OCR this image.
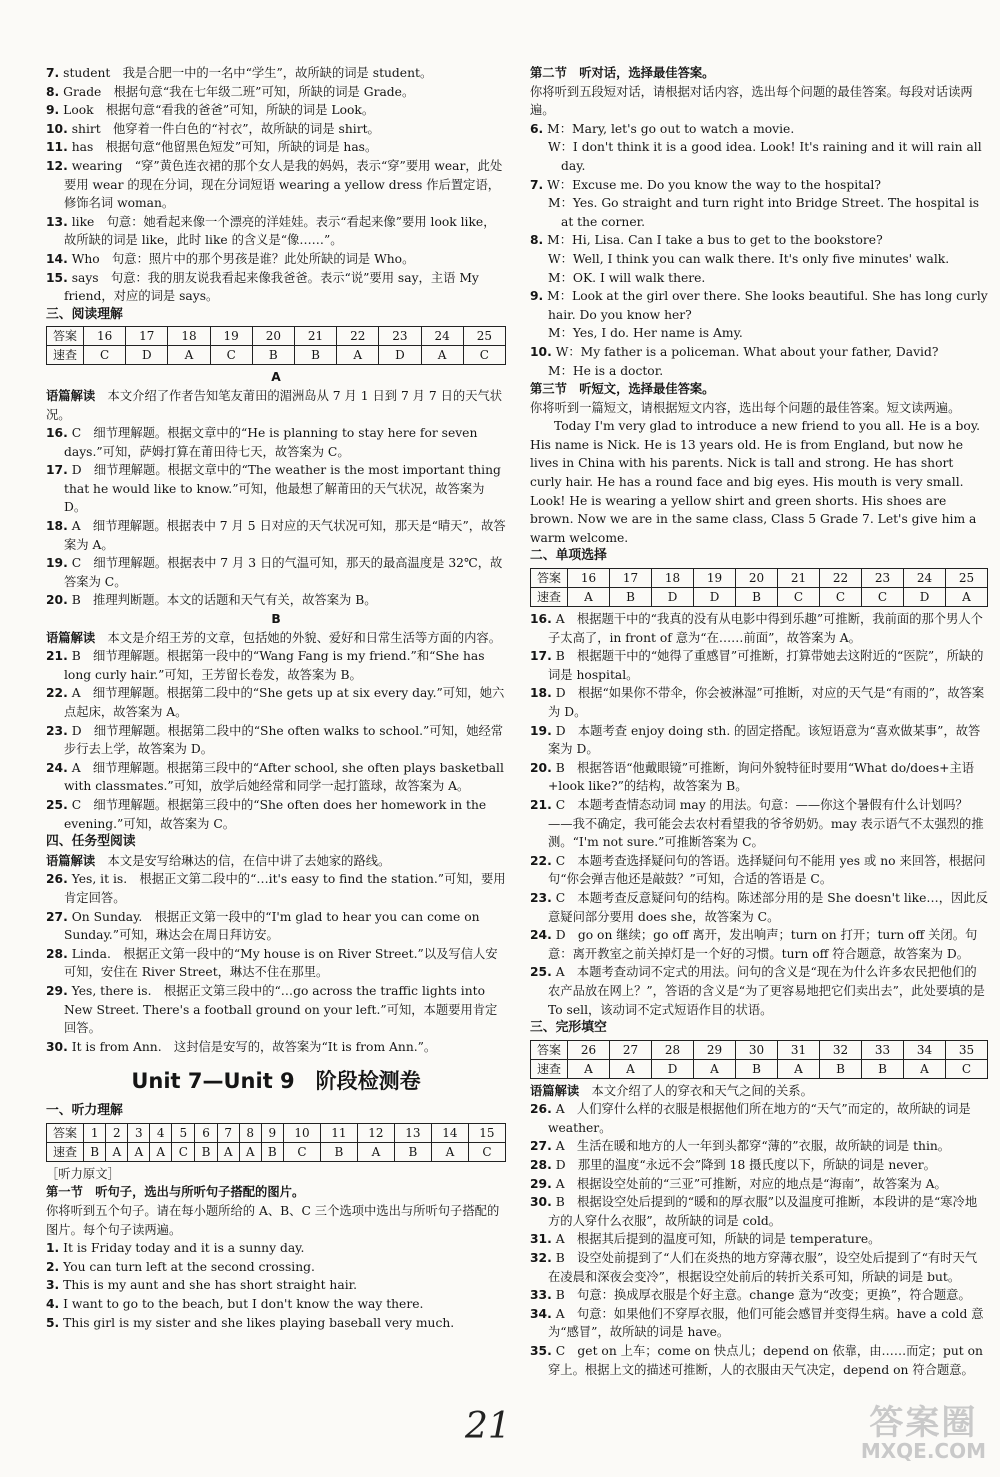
7. student　我是合肥一中的一名中“学生”，故所缺的词是 student。

8. Grade　根据句意“我在七年级二班”可知，所缺的词是 Grade。

9. Look　根据句意“看我的爸爸”可知，所缺的词是 Look。

10. shirt　他穿着一件白色的“衬衣”，故所缺的词是 shirt。

11. has　根据句意“他留黑色短发”可知，所缺的词是 has。

12. wearing　“穿”黄色连衣裙的那个女人是我的妈妈，表示“穿”要用 wear，此处要用 wear 的现在分词，现在分词短语 wearing a yellow dress 作后置定语，修饰名词 woman。

13. like　句意：她看起来像一个漂亮的洋娃娃。表示“看起来像”要用 look like，故所缺的词是 like，此时 like 的含义是“像……”。

14. Who　句意：照片中的那个男孩是谁？此处所缺的词是 Who。

15. says　句意：我的朋友说我看起来像我爸爸。表示“说”要用 say，主语 My friend，对应的词是 says。

三、阅读理解

答案	16	17	18	19	20	21	22	23	24	25
速查	C	D	A	C	B	B	A	D	A	C

A

语篇解读　 本文介绍了作者告知笔友莆田的湄洲岛从 7 月 1 日到 7 月 7 日的天气状况。

16. C　细节理解题。根据文章中的“He is planning to stay here for seven days.”可知，萨姆打算在莆田待七天，故答案为 C。

17. D　细节理解题。根据文章中的“The weather is the most important thing that he would like to know.”可知，他最想了解莆田的天气状况，故答案为 D。

18. A　细节理解题。根据表中 7 月 5 日对应的天气状况可知，那天是“晴天”，故答案为 A。

19. C　细节理解题。根据表中 7 月 3 日的气温可知，那天的最高温度是 32℃，故答案为 C。

20. B　推理判断题。本文的话题和天气有关，故答案为 B。

B

语篇解读　 本文是介绍王芳的文章，包括她的外貌、爱好和日常生活等方面的内容。

21. B　细节理解题。根据第一段中的“Wang Fang is my friend.”和“She has long curly hair.”可知，王芳留长卷发，故答案为 B。

22. A　细节理解题。根据第二段中的“She gets up at six every day.”可知，她六点起床，故答案为 A。

23. D　细节理解题。根据第二段中的“She often walks to school.”可知，她经常步行去上学，故答案为 D。

24. A　细节理解题。根据第三段中的“After school, she often plays basketball with classmates.”可知，放学后她经常和同学一起打篮球，故答案为 A。

25. C　细节理解题。根据第三段中的“She often does her homework in the evening.”可知，故答案为 C。

四、任务型阅读

语篇解读　 本文是安写给琳达的信，在信中讲了去她家的路线。

26. Yes, it is.　根据正文第二段中的“…it's easy to find the station.”可知，要用肯定回答。

27. On Sunday.　根据正文第一段中的“I'm glad to hear you can come on Sunday.”可知，琳达会在周日拜访安。

28. Linda.　根据正文第一段中的“My house is on River Street.”以及写信人安可知，安住在 River Street，琳达不住在那里。

29. Yes, there is.　根据正文第三段中的“…go across the traffic lights into New Street. There's a football ground on your left.”可知，本题要用肯定回答。

30. It is from Ann.　这封信是安写的，故答案为“It is from Ann.”。

Unit 7—Unit 9　阶段检测卷

一、听力理解

答案	1	2	3	4	5	6	7	8	9	10	11	12	13	14	15
速查	B	A	A	A	C	B	A	A	B	C	B	A	B	A	C

［听力原文］

第一节　听句子，选出与所听句子搭配的图片。

你将听到五个句子。请在每小题所给的 A、B、C 三个选项中选出与所听句子搭配的图片。每个句子读两遍。

1. It is Friday today and it is a sunny day.

2. You can turn left at the second crossing.

3. This is my aunt and she has short straight hair.

4. I want to go to the beach, but I don't know the way there.

5. This girl is my sister and she likes playing baseball very much.

第二节　听对话，选择最佳答案。

你将听到五段短对话，请根据对话内容，选出每个问题的最佳答案。每段对话读两遍。

6. M：Mary, let's go out to watch a movie.

W：I don't think it is a good idea. Look! It's raining and it will rain all day.

7. W：Excuse me. Do you know the way to the hospital?

M：Yes. Go straight and turn right into Bridge Street. The hospital is at the corner.

8. M：Hi, Lisa. Can I take a bus to get to the bookstore?

W：Well, I think you can walk there. It's only five minutes' walk.

M：OK. I will walk there.

9. M：Look at the girl over there. She looks beautiful. She has long curly hair. Do you know her?

M：Yes, I do. Her name is Amy.

10. W：My father is a policeman. What about your father, David?

M：He is a doctor.

第三节　听短文，选择最佳答案。

你将听到一篇短文，请根据短文内容，选出每个问题的最佳答案。短文读两遍。

Today I'm very glad to introduce a new friend to you all. He is a boy. His name is Nick. He is 13 years old. He is from England, but now he lives in China with his parents. Nick is tall and strong. He has short curly hair. He has a round face and big eyes. His mouth is very small. Look! He is wearing a yellow shirt and green shorts. His shoes are brown. Now we are in the same class, Class 5 Grade 7. Let's give him a warm welcome.

二、单项选择

答案	16	17	18	19	20	21	22	23	24	25
速查	A	B	D	D	B	C	C	C	D	A

16. A　根据题干中的“我真的没有从电影中得到乐趣”可推断，我前面的那个男人个子太高了，in front of 意为“在……前面”，故答案为 A。

17. B　根据题干中的“她得了重感冒”可推断，打算带她去这附近的“医院”，所缺的词是 hospital。

18. D　根据“如果你不带伞，你会被淋湿”可推断，对应的天气是“有雨的”，故答案为 D。

19. D　本题考查 enjoy doing sth. 的固定搭配。该短语意为“喜欢做某事”，故答案为 D。

20. B　根据答语“他戴眼镜”可推断，询问外貌特征时要用“What do/does+主语+look like?”的结构，故答案为 B。

21. C　本题考查情态动词 may 的用法。句意：——你这个暑假有什么计划吗？——我不确定，我可能会去农村看望我的爷爷奶奶。may 表示语气不太强烈的推测。“I'm not sure.”可推断答案为 C。

22. C　本题考查选择疑问句的答语。选择疑问句不能用 yes 或 no 来回答，根据问句“你会弹吉他还是敲鼓？”可知，合适的答语是 C。

23. C　本题考查反意疑问句的结构。陈述部分用的是 She doesn't like…，因此反意疑问部分要用 does she，故答案为 C。

24. D　go on 继续；go off 离开，发出响声；turn on 打开；turn off 关闭。句意：离开教室之前关掉灯是一个好的习惯。turn off 符合题意，故答案为 D。

25. A　本题考查动词不定式的用法。问句的含义是“现在为什么许多农民把他们的农产品放在网上？”，答语的含义是“为了更容易地把它们卖出去”，此处要填的是 To sell，该动词不定式短语作目的状语。

三、完形填空

答案	26	27	28	29	30	31	32	33	34	35
速查	A	A	D	A	B	A	B	B	A	C

语篇解读　 本文介绍了人的穿衣和天气之间的关系。

26. A　人们穿什么样的衣服是根据他们所在地方的“天气”而定的，故所缺的词是 weather。

27. A　生活在暖和地方的人一年到头都穿“薄的”衣服，故所缺的词是 thin。

28. D　那里的温度“永远不会”降到 18 摄氏度以下，所缺的词是 never。

29. A　根据设空处前的“三亚”可推断，对应的地点是“海南”，故答案为 A。

30. B　根据设空处后提到的“暖和的厚衣服”以及温度可推断，本段讲的是“寒冷地方的人穿什么衣服”，故所缺的词是 cold。

31. A　根据其后提到的温度可知，所缺的词是 temperature。

32. B　设空处前提到了“人们在炎热的地方穿薄衣服”，设空处后提到了“有时天气在凌晨和深夜会变冷”，根据设空处前后的转折关系可知，所缺的词是 but。

33. B　句意：换成厚衣服是个好主意。change 意为“改变；更换”，符合题意。

34. A　句意：如果他们不穿厚衣服，他们可能会感冒并变得生病。have a cold 意为“感冒”，故所缺的词是 have。

35. C　get on 上车；come on 快点儿；depend on 依靠，由……而定；put on 穿上。根据上文的描述可推断，人的衣服由天气决定，depend on 符合题意。

21	答案圈
MXQE.COM
